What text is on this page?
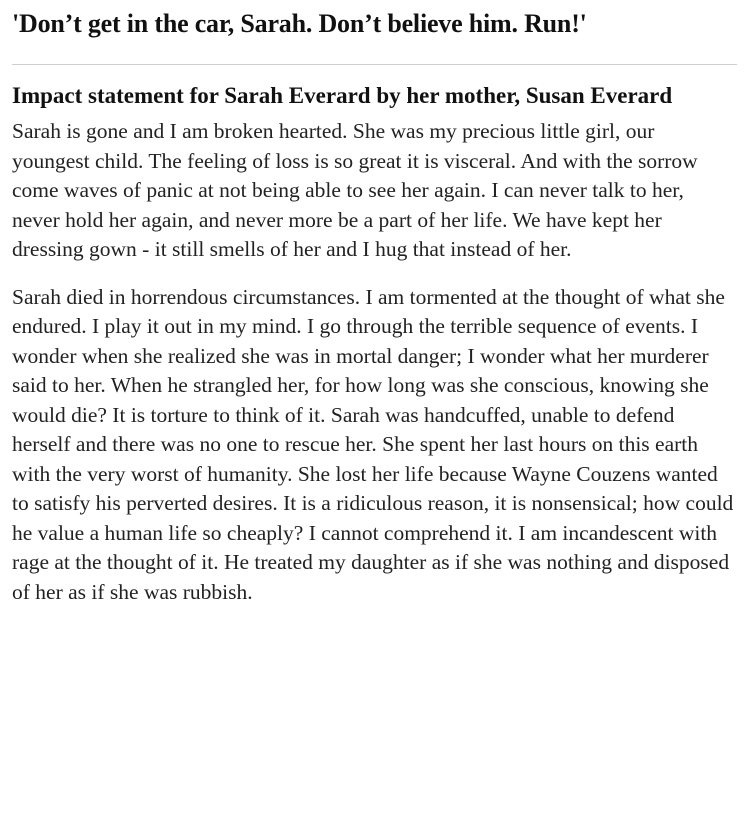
'Don’t get in the car, Sarah. Don’t believe him. Run!'
Impact statement for Sarah Everard by her mother, Susan Everard

Sarah is gone and I am broken hearted. She was my precious little girl, our youngest child. The feeling of loss is so great it is visceral. And with the sorrow come waves of panic at not being able to see her again. I can never talk to her, never hold her again, and never more be a part of her life. We have kept her dressing gown - it still smells of her and I hug that instead of her.

Sarah died in horrendous circumstances. I am tormented at the thought of what she endured. I play it out in my mind. I go through the terrible sequence of events. I wonder when she realized she was in mortal danger; I wonder what her murderer said to her. When he strangled her, for how long was she conscious, knowing she would die? It is torture to think of it. Sarah was handcuffed, unable to defend herself and there was no one to rescue her. She spent her last hours on this earth with the very worst of humanity. She lost her life because Wayne Couzens wanted to satisfy his perverted desires. It is a ridiculous reason, it is nonsensical; how could he value a human life so cheaply? I cannot comprehend it. I am incandescent with rage at the thought of it. He treated my daughter as if she was nothing and disposed of her as if she was rubbish.
